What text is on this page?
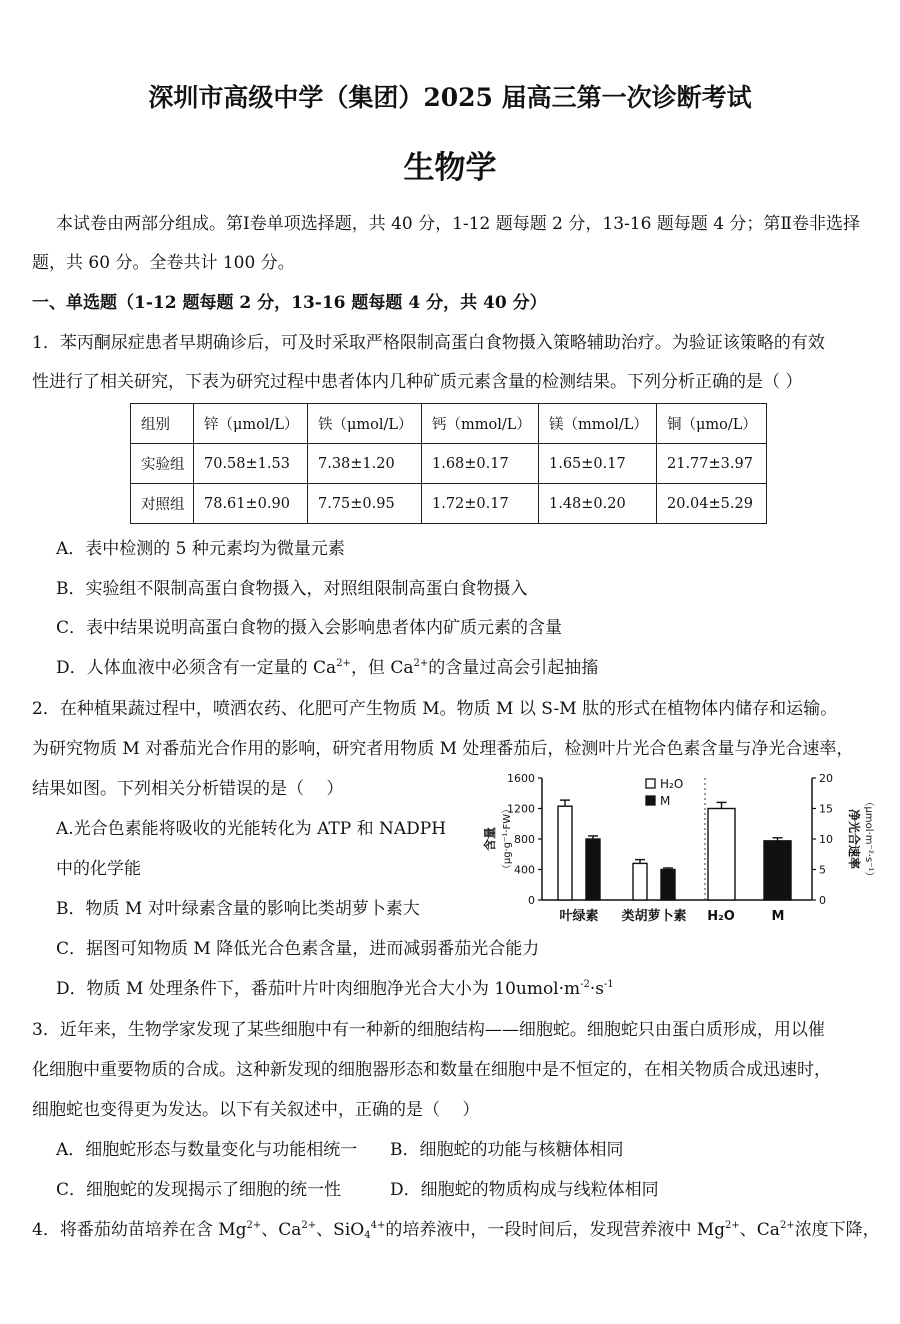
深圳市高级中学（集团）2025 届高三第一次诊断考试
生物学
本试卷由两部分组成。第Ⅰ卷单项选择题，共 40 分，1-12 题每题 2 分，13-16 题每题 4 分；第Ⅱ卷非选择
题，共 60 分。全卷共计 100 分。
一、单选题（1-12 题每题 2 分，13-16 题每题 4 分，共 40 分）
1．苯丙酮尿症患者早期确诊后，可及时采取严格限制高蛋白食物摄入策略辅助治疗。为验证该策略的有效
性进行了相关研究，下表为研究过程中患者体内几种矿质元素含量的检测结果。下列分析正确的是（ ）
组别	锌（μmol/L）	铁（μmol/L）	钙（mmol/L）	镁（mmol/L）	铜（μmo/L）
实验组	70.58±1.53	7.38±1.20	1.68±0.17	1.65±0.17	21.77±3.97
对照组	78.61±0.90	7.75±0.95	1.72±0.17	1.48±0.20	20.04±5.29
A．表中检测的 5 种元素均为微量元素
B．实验组不限制高蛋白食物摄入，对照组限制高蛋白食物摄入
C．表中结果说明高蛋白食物的摄入会影响患者体内矿质元素的含量
D．人体血液中必须含有一定量的 $Ca^{2+}$，但 $Ca^{2+}$的含量过高会引起抽搐
2．在种植果蔬过程中，喷洒农药、化肥可产生物质 M。物质 M 以 S-M 肽的形式在植物体内储存和运输。
为研究物质 M 对番茄光合作用的影响，研究者用物质 M 处理番茄后，检测叶片光合色素含量与净光合速率，
结果如图。下列相关分析错误的是（　 ）
A.光合色素能将吸收的光能转化为 ATP 和 NADPH
中的化学能
B．物质 M 对叶绿素含量的影响比类胡萝卜素大
C．据图可知物质 M 降低光合色素含量，进而减弱番茄光合能力
D．物质 M 处理条件下，番茄叶片叶肉细胞净光合大小为 $10umol\cdot m^{-2}\cdot s^{-1}$
0
400
800
1200
1600
0
5
10
15
20
含量 （μg·g⁻¹·FW）	净光合速率 （μmol·m⁻²·s⁻¹）
叶绿素 类胡萝卜素 H₂O	M
H₂O
M
3．近年来，生物学家发现了某些细胞中有一种新的细胞结构——细胞蛇。细胞蛇只由蛋白质形成，用以催
化细胞中重要物质的合成。这种新发现的细胞器形态和数量在细胞中是不恒定的，在相关物质合成迅速时，
细胞蛇也变得更为发达。以下有关叙述中，正确的是（　 ）
A．细胞蛇形态与数量变化与功能相统一 B．细胞蛇的功能与核糖体相同
C．细胞蛇的发现揭示了细胞的统一性	D．细胞蛇的物质构成与线粒体相同
4．将番茄幼苗培养在含 $Mg^{2+}$、$Ca^{2+}$、SiO$_4^{4+}$的培养液中，一段时间后，发现营养液中 $Mg^{2+}$、$Ca^{2+}$浓度下降，
